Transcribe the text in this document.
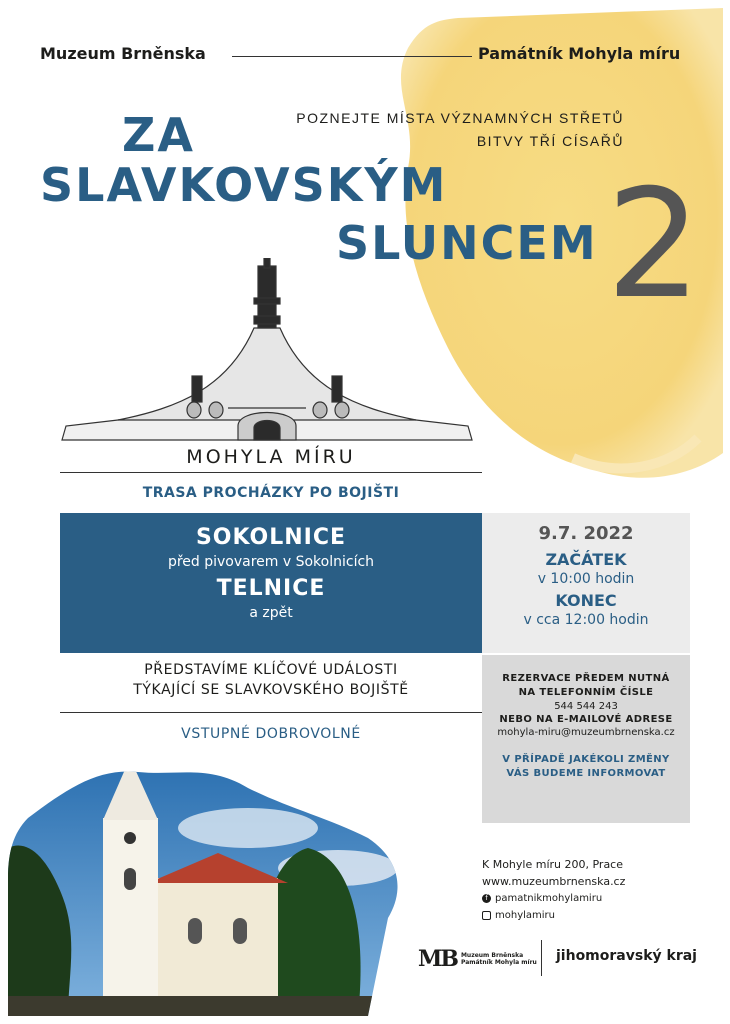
Muzeum Brněnska	Památník Mohyla míru
POZNEJTE MÍSTA VÝZNAMNÝCH STŘETŮ
BITVY TŘÍ CÍSAŘŮ
ZA
SLAVKOVSKÝM
SLUNCEM 2
MOHYLA MÍRU
TRASA PROCHÁZKY PO BOJIŠTI
SOKOLNICE
před pivovarem v Sokolnicích
TELNICE
a zpět
9.7. 2022
ZAČÁTEK
v 10:00 hodin
KONEC
v cca 12:00 hodin
PŘEDSTAVÍME KLÍČOVÉ UDÁLOSTI
TÝKAJÍCÍ SE SLAVKOVSKÉHO BOJIŠTĚ
VSTUPNÉ DOBROVOLNÉ
REZERVACE PŘEDEM NUTNÁ
NA TELEFONNÍM ČÍSLE
544 544 243
NEBO NA E-MAILOVÉ ADRESE
mohyla-miru@muzeumbrnenska.cz
V PŘÍPADĚ JAKÉKOLI ZMĚNY
VÁS BUDEME INFORMOVAT
K Mohyle míru 200, Prace
www.muzeumbrnenska.cz
f pamatnikmohylamiru
mohylamiru
MB Muzeum Brněnska
Památník Mohyla míru jihomoravský kraj
